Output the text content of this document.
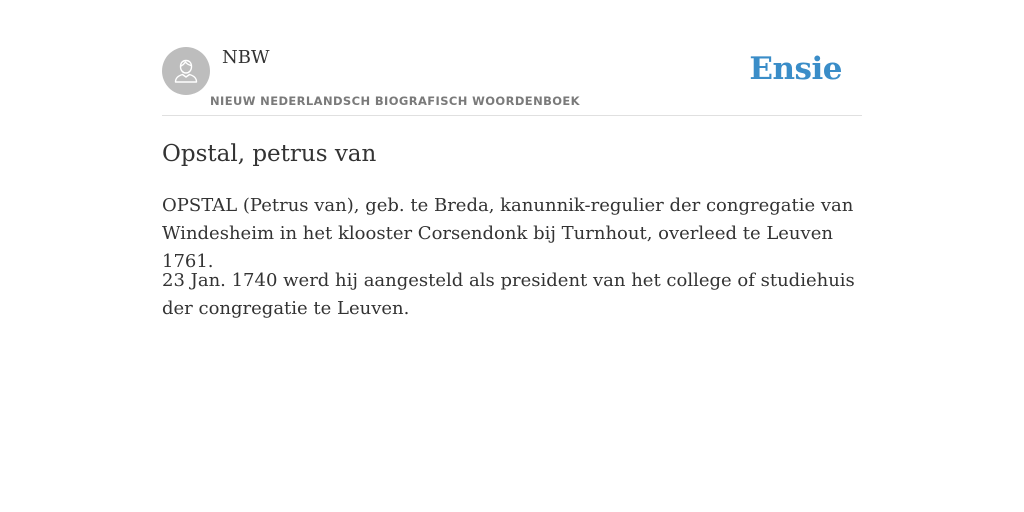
NBW
NIEUW NEDERLANDSCH BIOGRAFISCH WOORDENBOEK
Ensie
Opstal, petrus van

OPSTAL (Petrus van), geb. te Breda, kanunnik-regulier der congregatie van Windesheim in het klooster Corsendonk bij Turnhout, overleed te Leuven 1761.

23 Jan. 1740 werd hij aangesteld als president van het college of studiehuis der congregatie te Leuven.
